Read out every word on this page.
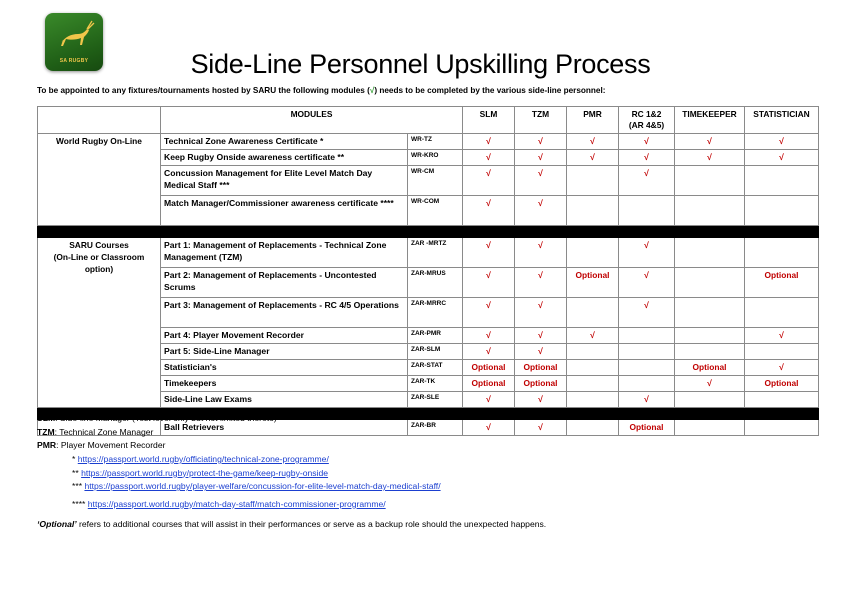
SA RUGBY	Side-Line Personnel Upskilling Process
To be appointed to any fixtures/tournaments hosted by SARU the following modules (√) needs to be completed by the various side-line personnel:
	MODULES		SLM	TZM	PMR	RC 1&2
(AR 4&5)	TIMEKEEPER	STATISTICIAN
World Rugby On-Line	Technical Zone Awareness Certificate *	WR-TZ	√	√	√	√	√	√
	Keep Rugby Onside awareness certificate **	WR-KRO	√	√	√	√	√	√
	Concussion Management for Elite Level Match Day Medical Staff ***	WR-CM	√	√		√		
	Match Manager/Commissioner awareness certificate ****	WR-COM	√	√				

SARU Courses
(On-Line or Classroom option)	Part 1: Management of Replacements - Technical Zone Management (TZM)	ZAR -MRTZ	√	√		√		
	Part 2: Management of Replacements - Uncontested Scrums	ZAR-MRUS	√	√	Optional	√		Optional
	Part 3: Management of Replacements - RC 4/5 Operations	ZAR-MRRC	√	√		√		
	Part 4: Player Movement Recorder	ZAR-PMR	√	√	√			√
	Part 5: Side-Line Manager	ZAR-SLM	√	√				
	Statistician's	ZAR-STAT	Optional	Optional			Optional	√
	Timekeepers	ZAR-TK	Optional	Optional			√	Optional
	Side-Line Law Exams	ZAR-SLE	√	√		√		

	Ball Retrievers	ZAR-BR	√	√		Optional		
SLM: Side-line Manager (Test level only but not limited thereto)
TZM: Technical Zone Manager
PMR: Player Movement Recorder
* https://passport.world.rugby/officiating/technical-zone-programme/
** https://passport.world.rugby/protect-the-game/keep-rugby-onside
*** https://passport.world.rugby/player-welfare/concussion-for-elite-level-match-day-medical-staff/
**** https://passport.world.rugby/match-day-staff/match-commissioner-programme/
‘Optional’ refers to additional courses that will assist in their performances or serve as a backup role should the unexpected happens.
